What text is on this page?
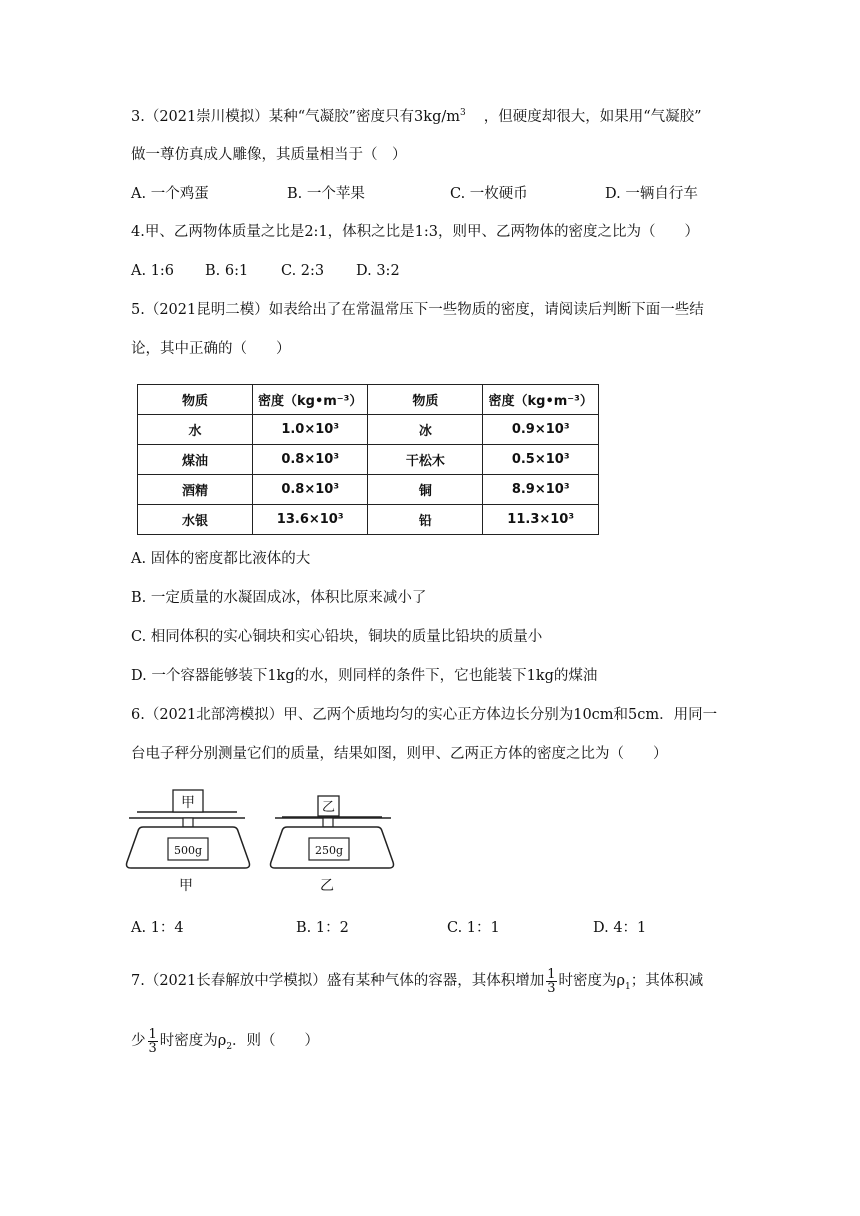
3.（2021崇川模拟）某种“气凝胶”密度只有$3kg/m^3$ ，但硬度却很大，如果用“气凝胶”
做一尊仿真成人雕像，其质量相当于（　）
A. 一个鸡蛋	B. 一个苹果	C. 一枚硬币	D. 一辆自行车
4.甲、乙两物体质量之比是2:1，体积之比是1:3，则甲、乙两物体的密度之比为（　　）
A. 1:6 B. 6:1 C. 2:3 D. 3:2
5.（2021昆明二模）如表给出了在常温常压下一些物质的密度，请阅读后判断下面一些结
论，其中正确的（　　）
物质	密度（kg•m⁻³）	物质	密度（kg•m⁻³）
水	1.0×10³	冰	0.9×10³
煤油	0.8×10³	干松木	0.5×10³
酒精	0.8×10³	铜	8.9×10³
水银	13.6×10³	铅	11.3×10³
A. 固体的密度都比液体的大
B. 一定质量的水凝固成冰，体积比原来减小了
C. 相同体积的实心铜块和实心铅块，铜块的质量比铅块的质量小
D. 一个容器能够装下1kg的水，则同样的条件下，它也能装下1kg的煤油
6.（2021北部湾模拟）甲、乙两个质地均匀的实心正方体边长分别为10cm和5cm．用同一
台电子秤分别测量它们的质量，结果如图，则甲、乙两正方体的密度之比为（　　）
甲
500g
甲
乙
250g
乙
A. 1：4	B. 1：2	C. 1：1	D. 4：1
7.（2021长春解放中学模拟）盛有某种气体的容器，其体积增加 $\frac{1}{3}$ 时密度为$\rho_1$；其体积减
少 $\frac{1}{3}$ 时密度为$\rho_2$．则（　　）
